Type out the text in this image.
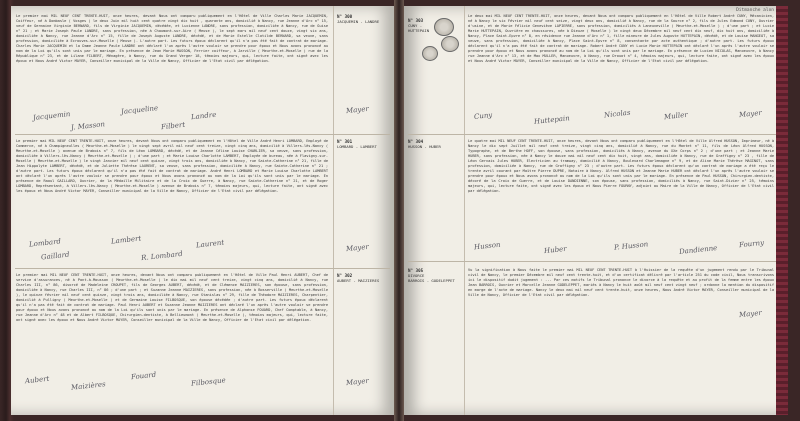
Le premier mai MIL NEUF CENT TRENTE-HUIT, onze heures, devant Nous ont comparu publiquement en l'Hôtel de Ville Charles Marie JACQUEMIN, Coiffeur, né à Dombasle ( Vosges ) le deux Juin mil huit cent quatre vingt dix huit , quarante ans, domicilié à Nancy, rue Jeanne d'Arc n° 15, veuf de Germaine Virginie BERNARD, fils de Virginie JACQUEMIN, décédée, et Lucienne LANDRE, sans profession, domiciliée à Nancy, rue de Guise n° 21 ; et Marie Joseph Paule LANDRE, sans profession, née à Chaumont-sur-Aire ( Meuse ), le sept mars mil neuf cent douze, vingt six ans, domiciliée à Nancy, rue Jeanne d'Arc n° 15, fille de Joseph Auguste LANDRE, décédé, et de Marie Estelle Clotilde BERNARD, sa veuve, sans profession, domiciliée à Ecrouves-sur-Moselle ( Meuse ). L'autre part. Les futurs époux déclarent qu'il n'a pas été fait de contrat de mariage. Charles Marie JACQUEMIN et la Dame Jeanne Paule LANDRE ont déclaré l'un après l'autre vouloir se prendre pour époux et Nous avons prononcé au nom de la Loi qu'ils sont unis par le mariage. En présence de Jean Marie MASSON, Ferrier coiffeur, à Jarville ( Meurthe-et-Moselle ) rue de la République n° 23, et de Lilane FILBERT, Ménagère, à Nancy, rue du Grand Verger 18, témoins majeurs, qui, lecture faite, ont signé avec les époux et Nous André Victor MAYER, Conseiller municipal de la Ville de Nancy, Officier de l'Etat civil par délégation.
N° 300
JACQUEMIN - LANDRE
Jacquemin
Jacqueline
Landre
J. Masson	Filbert
Mayer
Le premier mai MIL NEUF CENT TRENTE-HUIT, onze heures, devant Nous ont comparu publiquement en l'Hôtel de Ville André Henri LOMBARD, Employé de Commerce, né à Champigneulles ( Meurthe-et-Moselle ) le vingt sept avril mil neuf cent treize, vingt cinq ans, domicilié à Villers-lès-Nancy ( Meurthe-et-Moselle ) avenue de Brabois n° 7, fils de Léon LOMBARD, décédé, et de Jeanne Céline Louise CHARLIER, sa veuve, sans profession, domiciliée à Villers-lès-Nancy ( Meurthe-et-Moselle ) ; d'une part ; et Marie Louise Charlotte LAMBERT, Employée de bureau, née à Flavigny-sur-Moselle ( Meurthe-et-Moselle ) le vingt Janvier mil neuf cent quinze, vingt trois ans, domiciliée à Nancy, rue Sainte-Catherine n° 21, fille de Jean Hippolyte LAMBERT, décédé, et de Juliette Thérèse LAURENT, sa veuve, sans profession, domiciliée à Nancy, rue Sainte-Catherine n° 21 ; d'autre part. Les futurs époux déclarent qu'il n'a pas été fait de contrat de mariage. André Henri LOMBARD et Marie Louise Charlotte LAMBERT ont déclaré l'un après l'autre vouloir se prendre pour époux et Nous avons prononcé au nom de la Loi qu'ils sont unis par le mariage. En présence de Raoul GAILLARD, Ouvrier, de la Médaille Militaire et de la Croix de Guerre, à Nancy, rue Sainte-Catherine n° 21, et de Roger LOMBARD, Représentant, à Villers-lès-Nancy ( Meurthe-et-Moselle ) avenue de Brabois n° 7, témoins majeurs, qui, lecture faite, ont signé avec les époux et Nous André Victor MAYER, Conseiller municipal de la Ville de Nancy, Officier de l'Etat civil par délégation.
N° 301
LOMBARD - LAMBERT
Lombard	Lambert	Laurent
Gaillard	R. Lombard
Mayer
Le premier mai MIL NEUF CENT TRENTE-HUIT, onze heures, devant Nous ont comparu publiquement en l'Hôtel de Ville Paul Henri AUBERT, Chef de service d'assurances, né à Pont-à-Mousson ( Meurthe-et-Moselle ) le dix mai mil neuf cent treize, vingt cinq ans, domicilié à Nancy, rue Charles III, n° 86, divorcé de Madeleine CROUPET, fils de Georges AUBERT, décédé, et de Clémence MAIZIERES, son épouse, sans profession, domiciliée à Nancy, rue Charles III, n° 86 ; d'une part ; et Suzanne Jeanne MAIZIERES, sans profession, née à Bosserville ( Meurthe-et-Moselle ), le quinze février mil neuf cent quinze, vingt trois ans, domiciliée à Nancy, rue Stanislas n° 29, fille de Théodore MAIZIERES, Charpentier, domicilié à Pulligny ( Meurthe-et-Moselle ) et de Germaine Louise FILBOSQUE, son épouse décédée ; d'autre part. Les futurs époux déclarent qu'il n'a pas été fait de contrat de mariage. Paul Henri AUBERT et Suzanne Jeanne MAIZIERES ont déclaré l'un après l'autre vouloir se prendre pour époux et Nous avons prononcé au nom de la Loi qu'ils sont unis par le mariage. En présence de Alphonse FOUARD, Chef Comptable, à Nancy, rue Jeanne d'Arc n° 48 et de Albert FILBOSQUE, Chirurgien-dentiste, à Bellieumont ( Meurthe-et-Moselle ), témoins majeurs, qui, lecture faite, ont signé avec les époux et Nous André Victor MAYER, Conseiller municipal de la Ville de Nancy, Officier de l'Etat civil par délégation.
N° 302
AUBERT - MAIZIERES
Aubert
Maizières
Fouard
Filbosque	Mayer
Ditmanche alon
N° 303
CUNY - HUTTEPAIN
Le deux mai MIL NEUF CENT TRENTE-HUIT, onze heures, devant Nous ont comparu publiquement en l'Hôtel de Ville Robert André CUNY, Mécanicien, né à Nancy le six Février mil neuf cent seize, vingt deux ans, domicilié à Nancy, rue de la Source n° 2, fils de Jules Edmond CUNY, Ouvrier d'usine, et de Marie Félicie Geneviève LAPIERRE, sans profession, domiciliés à Laneuveville ( Meurthe-et-Moselle ) ; d'une part ; et Lucie Marie HUTTEPAIN, Ouvrière en chaussures, née à Dieuze ( Moselle ) le vingt deux Décembre mil neuf cent dix neuf, dix huit ans, domiciliée à Nancy, Place Saint-Epvre n° 8, en résidence rue Jeanne d'Arc n° 1, fille mineure de Jules Auguste HUTTEPAIN, décédé, et de Louise MANGEOT, sa veuve, sans profession, domiciliée à Nancy, Place Saint-Epvre n° 8, consentante par acte authentique ; d'autre part. Les futurs époux déclarent qu'il n'a pas été fait de contrat de mariage. Robert André CUNY et Lucie Marie HUTTEPAIN ont déclaré l'un après l'autre vouloir se prendre pour époux et Nous avons prononcé au nom de la Loi qu'ils sont unis par le mariage. En présence de Lucien NICOLAS, Manoeuvre, à Nancy rue Jeanne d'Arc n° 13, et de Max MULLER, Manoeuvre, à Nancy, rue Drouot n° 4, témoins majeurs, qui, lecture faite, ont signé avec les époux et Nous André Victor MAYER, Conseiller municipal de la Ville de Nancy, Officier de l'Etat civil par délégation.
Cuny	Huttepain
Nicolas	Muller	Mayer
N° 304
HUSSON - HUBER
Le quatre mai MIL NEUF CENT TRENTE-HUIT, onze heures, devant Nous ont comparu publiquement en l'Hôtel de Ville Alfred HUSSON, Imprimeur, né à Nancy le dix sept Juillet mil neuf cent treize, vingt cinq ans, domicilié à Nancy, rue du Montet n° 11, fils de Léon Alfred HUSSON, Typographe, et de Berthe HOFF, son épouse, sans profession, domiciliés à Nancy, avenue du XXe Corps n° 2 ; d'une part ; et Jeanne Marie HUBER, sans profession, née à Nancy le douze mai mil neuf cent dix huit, vingt ans, domiciliée à Nancy, rue de Graffigny n° 23 , fille de Léon Gervais Jules HUBER, Electricien au tramway, domicilié à Nancy, Boulevard Charlemagne n° 9, et de Aline Marie Thérèse MAGINOT, sans profession, domiciliée à Nancy, rue de Graffigny n° 23 ; d'autre part. Les futurs époux déclarent qu'un contrat de mariage a été reçu le trente avril courant par Maître Pierre DUPRE, Notaire à Nancy. Alfred HUSSON et Jeanne Marie HUBER ont déclaré l'un après l'autre vouloir se prendre pour époux et Nous avons prononcé au nom de la Loi qu'ils sont unis par le mariage. En présence de Paul HUSSON, Chirurgien-dentiste, décoré de la Croix de Guerre, et de Louise DANDIENNE, son épouse, sans profession, domiciliés à Nancy, rue Saint-Dizier n° 25, témoins majeurs, qui, lecture faite, ont signé avec les époux et Nous Pierre FOURNY, adjoint au Maire de la Ville de Nancy, Officier de l'Etat civil par délégation.
Husson	Huber	P. Husson	Dandienne
Fourny
N° 305
DIVORCE
BARROIS - GODELEPPET
Vu la signification à Nous faite le premier mai MIL NEUF CENT TRENTE-HUIT à l'Huissier de la requête d'un jugement rendu par le Tribunal civil de Nancy, le premier Décembre mil neuf cent trente-huit, et d'un certificat délivré par l'article 251 du code civil, Nous transcrivons ici le dispositif dudit jugement : ... Par ces motifs le Tribunal prononce le divorce à la requête et au profit de la femme entre les époux Jean BARROIS, Ouvrier et Marcelle Jeanne GODELEPPET, mariés à Nancy le huit août mil neuf cent vingt neuf ; ordonne la mention du dispositif en marge de l'acte de mariage. Nancy le deux mai mil neuf cent trente-huit, onze heures, Nous André Victor MAYER, Conseiller municipal de la Ville de Nancy, Officier de l'Etat civil par délégation.
Mayer
